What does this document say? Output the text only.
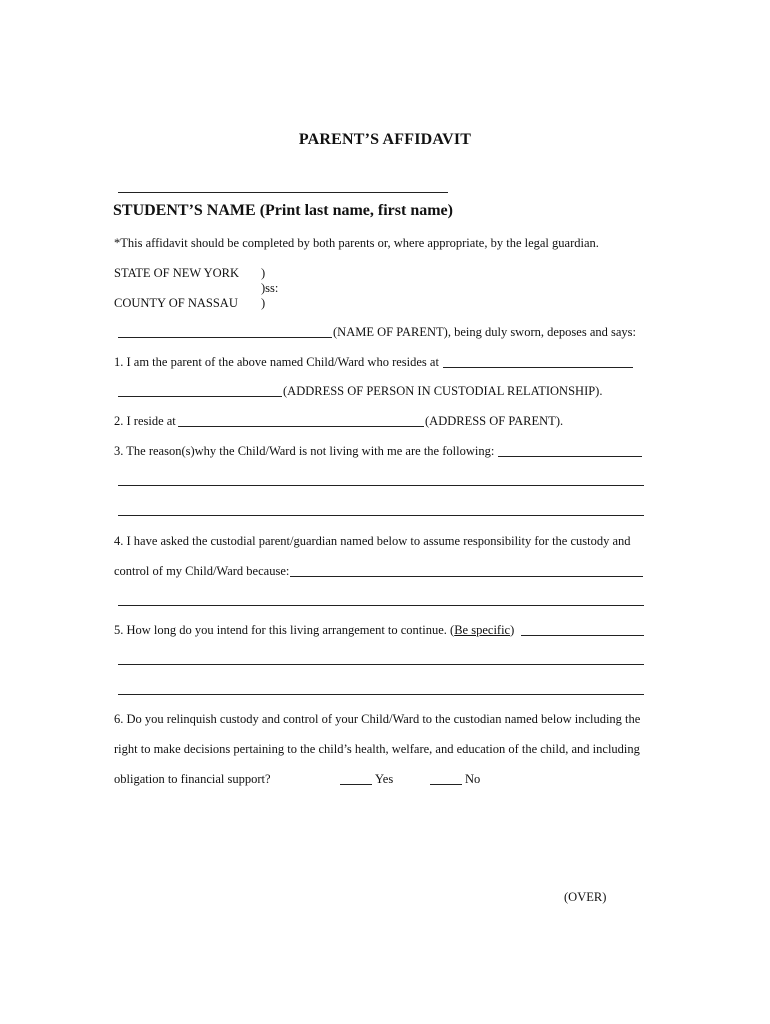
PARENT’S AFFIDAVIT
STUDENT’S NAME (Print last name, first name)
*This affidavit should be completed by both parents or, where appropriate, by the legal guardian.
STATE OF NEW YORK )
)ss:
COUNTY OF NASSAU )
(NAME OF PARENT), being duly sworn, deposes and says:
1. I am the parent of the above named Child/Ward who resides at
(ADDRESS OF PERSON IN CUSTODIAL RELATIONSHIP).
2. I reside at	(ADDRESS OF PARENT).
3. The reason(s)why the Child/Ward is not living with me are the following:
4. I have asked the custodial parent/guardian named below to assume responsibility for the custody and
control of my Child/Ward because:
5. How long do you intend for this living arrangement to continue. (Be specific)
6. Do you relinquish custody and control of your Child/Ward to the custodian named below including the
right to make decisions pertaining to the child’s health, welfare, and education of the child, and including
obligation to financial support?	Yes	No
(OVER)
